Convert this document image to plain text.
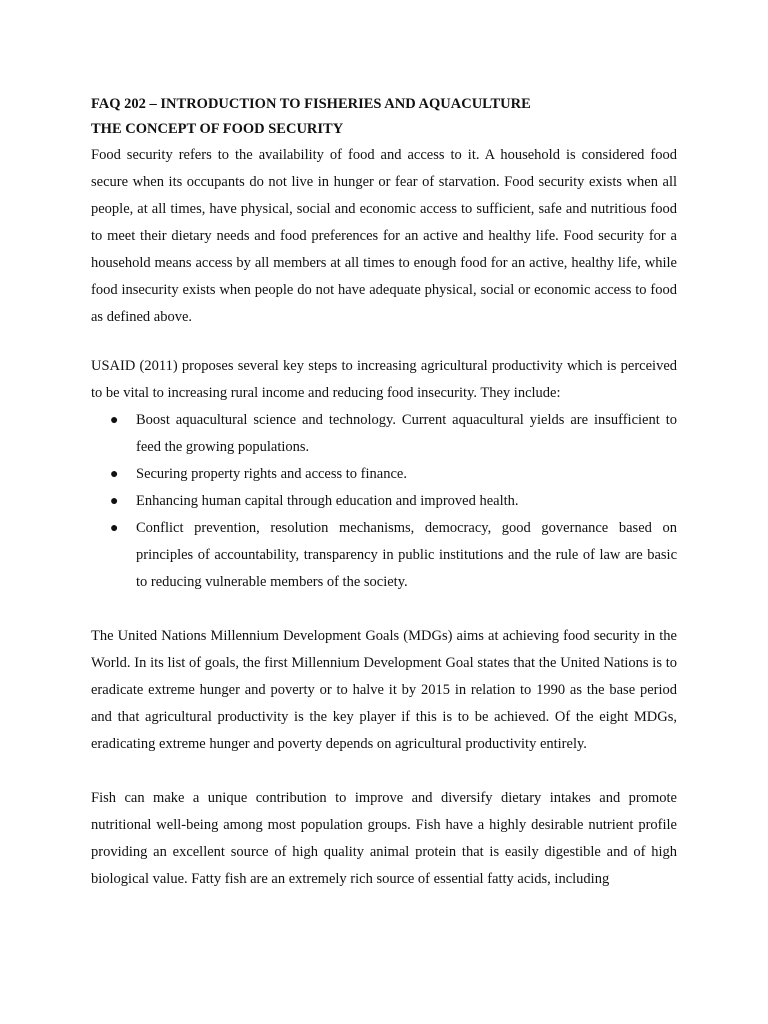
FAQ 202 – INTRODUCTION TO FISHERIES AND AQUACULTURE

THE CONCEPT OF FOOD SECURITY

Food security refers to the availability of food and access to it. A household is considered food secure when its occupants do not live in hunger or fear of starvation. Food security exists when all people, at all times, have physical, social and economic access to sufficient, safe and nutritious food to meet their dietary needs and food preferences for an active and healthy life. Food security for a household means access by all members at all times to enough food for an active, healthy life, while food insecurity exists when people do not have adequate physical, social or economic access to food as defined above.

USAID (2011) proposes several key steps to increasing agricultural productivity which is perceived to be vital to increasing rural income and reducing food insecurity. They include:

● Boost aquacultural science and technology. Current aquacultural yields are insufficient to feed the growing populations.
● Securing property rights and access to finance.
● Enhancing human capital through education and improved health.
● Conflict prevention, resolution mechanisms, democracy, good governance based on principles of accountability, transparency in public institutions and the rule of law are basic to reducing vulnerable members of the society.

The United Nations Millennium Development Goals (MDGs) aims at achieving food security in the World. In its list of goals, the first Millennium Development Goal states that the United Nations is to eradicate extreme hunger and poverty or to halve it by 2015 in relation to 1990 as the base period and that agricultural productivity is the key player if this is to be achieved. Of the eight MDGs, eradicating extreme hunger and poverty depends on agricultural productivity entirely.

Fish can make a unique contribution to improve and diversify dietary intakes and promote nutritional well-being among most population groups. Fish have a highly desirable nutrient profile providing an excellent source of high quality animal protein that is easily digestible and of high biological value. Fatty fish are an extremely rich source of essential fatty acids, including
